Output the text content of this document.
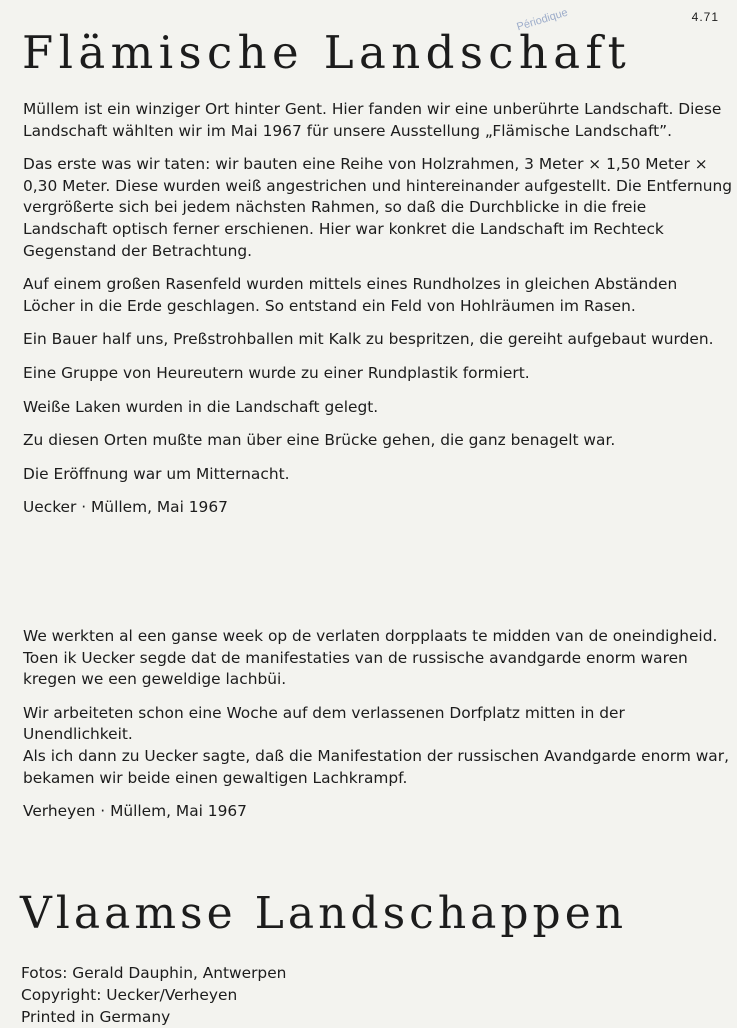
4.71
Périodique
Flämische Landschaft

Müllem ist ein winziger Ort hinter Gent. Hier fanden wir eine unberührte Landschaft. Diese Landschaft wählten wir im Mai 1967 für unsere Ausstellung „Flämische Landschaft”.

Das erste was wir taten: wir bauten eine Reihe von Holzrahmen, 3 Meter × 1,50 Meter × 0,30 Meter. Diese wurden weiß angestrichen und hintereinander aufgestellt. Die Entfernung vergrößerte sich bei jedem nächsten Rahmen, so daß die Durchblicke in die freie Landschaft optisch ferner erschienen. Hier war konkret die Landschaft im Rechteck Gegenstand der Betrachtung.

Auf einem großen Rasenfeld wurden mittels eines Rundholzes in gleichen Abständen Löcher in die Erde geschlagen. So entstand ein Feld von Hohlräumen im Rasen.

Ein Bauer half uns, Preßstrohballen mit Kalk zu bespritzen, die gereiht aufgebaut wurden.

Eine Gruppe von Heureutern wurde zu einer Rundplastik formiert.

Weiße Laken wurden in die Landschaft gelegt.

Zu diesen Orten mußte man über eine Brücke gehen, die ganz benagelt war.

Die Eröffnung war um Mitternacht.

Uecker · Müllem, Mai 1967

We werkten al een ganse week op de verlaten dorpplaats te midden van de oneindigheid. Toen ik Uecker segde dat de manifestaties van de russische avandgarde enorm waren kregen we een geweldige lachbüi.

Wir arbeiteten schon eine Woche auf dem verlassenen Dorfplatz mitten in der Unendlichkeit.

Als ich dann zu Uecker sagte, daß die Manifestation der russischen Avandgarde enorm war, bekamen wir beide einen gewaltigen Lachkrampf.

Verheyen · Müllem, Mai 1967

Vlaamse Landschappen
Fotos: Gerald Dauphin, Antwerpen
Copyright: Uecker/Verheyen
Printed in Germany
